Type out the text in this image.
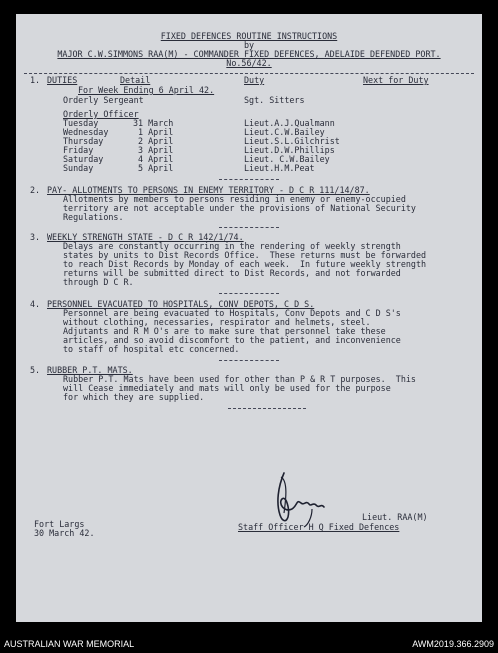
FIXED DEFENCES ROUTINE INSTRUCTIONS
by
MAJOR C.W.SIMMONS RAA(M) - COMMANDER FIXED DEFENCES, ADELAIDE DEFENDED PORT.
No.56/42.
1. DUTIES	Detail	Duty	Next for Duty
For Week Ending 6 April 42.
Orderly Sergeant	Sgt. Sitters
Orderly Officer
Tuesday	31 March	Lieut.A.J.Qualmann
Wednesday	1 April	Lieut.C.W.Bailey
Thursday	2 April	Lieut.S.L.Gilchrist
Friday	3 April	Lieut.D.W.Phillips
Saturday	4 April	Lieut. C.W.Bailey
Sunday	5 April	Lieut.H.M.Peat
2. PAY- ALLOTMENTS TO PERSONS IN ENEMY TERRITORY - D C R 111/14/87.
Allotments by members to persons residing in enemy or enemy-occupied
territory are not acceptable under the provisions of National Security
Regulations.
3. WEEKLY STRENGTH STATE - D C R 142/1/74.
Delays are constantly occurring in the rendering of weekly strength
states by units to Dist Records Office.  These returns must be forwarded
to reach Dist Records by Monday of each week.  In future weekly strength
returns will be submitted direct to Dist Records, and not forwarded
through D C R.
4. PERSONNEL EVACUATED TO HOSPITALS, CONV DEPOTS, C D S.
Personnel are being evacuated to Hospitals, Conv Depots and C D S's
without clothing, necessaries, respirator and helmets, steel.
Adjutants and R M O's are to make sure that personnel take these
articles, and so avoid discomfort to the patient, and inconvenience
to staff of hospital etc concerned.
5. RUBBER P.T. MATS.
Rubber P.T. Mats have been used for other than P & R T purposes.  This
will Cease immediately and mats will only be used for the purpose
for which they are supplied.
Fort Largs
30 March 42.
Lieut. RAA(M)
Staff Officer H Q Fixed Defences
AUSTRALIAN WAR MEMORIAL	AWM2019.366.2909
